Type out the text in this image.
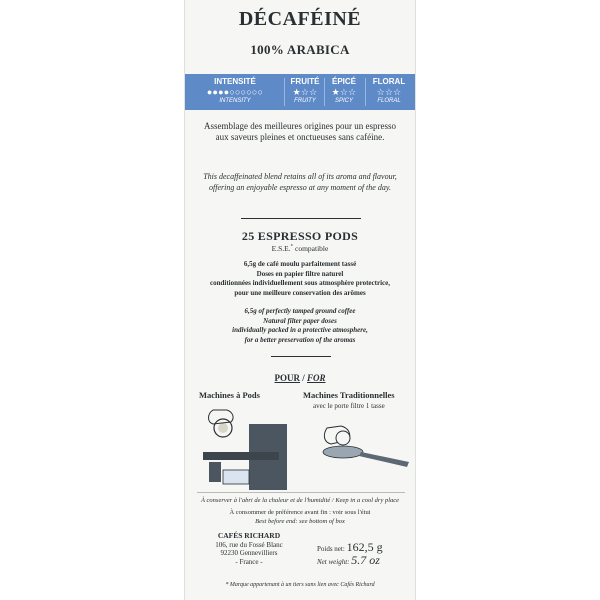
DÉCAFÉINÉ
100% ARABICA
INTENSITÉ
●●●●○○○○○○
INTENSITY
FRUITÉ
★☆☆
FRUITY
ÉPICÉ
★☆☆
SPICY
FLORAL
☆☆☆
FLORAL
Assemblage des meilleures origines pour un espresso aux saveurs pleines et onctueuses sans caféine.
This decaffeinated blend retains all of its aroma and flavour, offering an enjoyable espresso at any moment of the day.
25 ESPRESSO PODS
E.S.E.* compatible
6,5g de café moulu parfaitement tassé
Doses en papier filtre naturel
conditionnées individuellement sous atmosphère protectrice,
pour une meilleure conservation des arômes
6,5g of perfectly tamped ground coffee
Natural filter paper doses
individually packed in a protective atmosphere,
for a better preservation of the aromas
POUR / FOR
Machines à Pods	Machines Traditionnelles
avec le porte filtre 1 tasse
À conserver à l'abri de la chaleur et de l'humidité / Keep in a cool dry place
À consommer de préférence avant fin : voir sous l'étui
Best before end: see bottom of box
CAFÉS RICHARD
106, rue du Fossé Blanc
92230 Gennevilliers
- France -
Poids net: 162,5 g
Net weight: 5.7 oz
* Marque appartenant à un tiers sans lien avec Cafés Richard
